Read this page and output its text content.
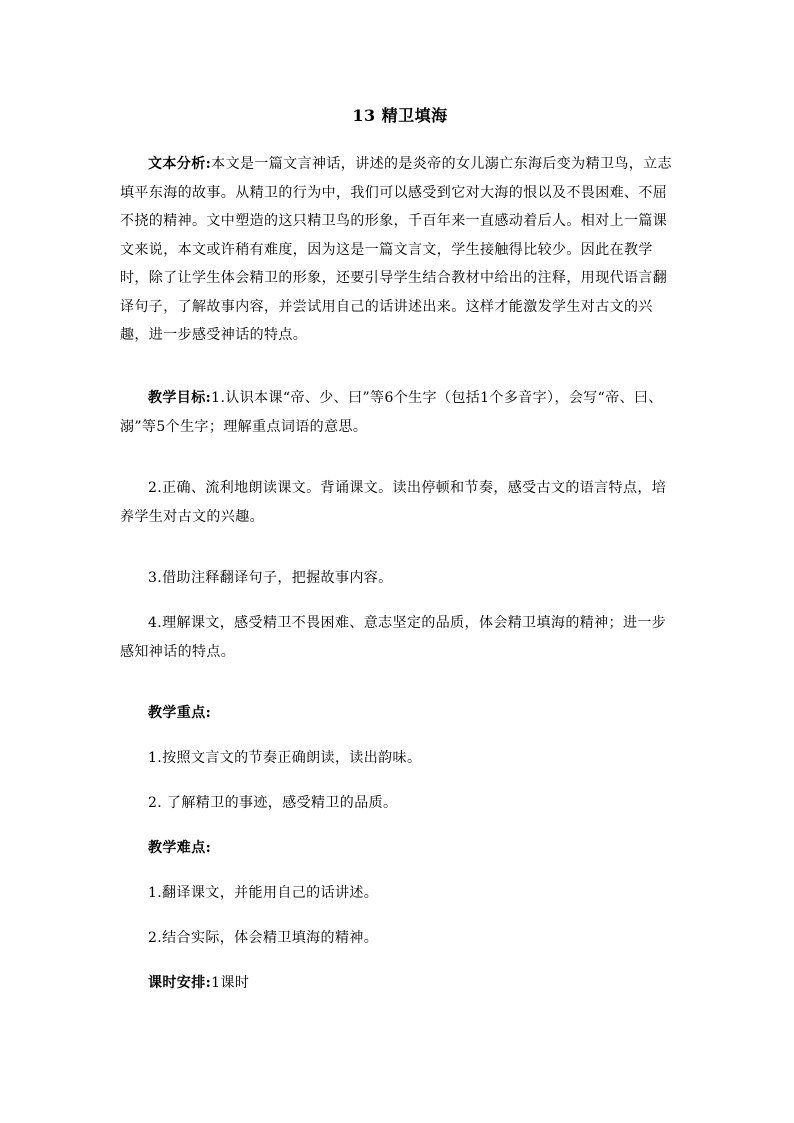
13 精卫填海
文本分析:本文是一篇文言神话，讲述的是炎帝的女儿溺亡东海后变为精卫鸟，立志填平东海的故事。从精卫的行为中，我们可以感受到它对大海的恨以及不畏困难、不屈不挠的精神。文中塑造的这只精卫鸟的形象，千百年来一直感动着后人。相对上一篇课文来说，本文或许稍有难度，因为这是一篇文言文，学生接触得比较少。因此在教学时，除了让学生体会精卫的形象，还要引导学生结合教材中给出的注释，用现代语言翻译句子，了解故事内容，并尝试用自己的话讲述出来。这样才能激发学生对古文的兴趣，进一步感受神话的特点。
教学目标:1.认识本课“帝、少、曰”等6个生字（包括1个多音字），会写“帝、曰、溺”等5个生字；理解重点词语的意思。
2.正确、流利地朗读课文。背诵课文。读出停顿和节奏，感受古文的语言特点，培养学生对古文的兴趣。
3.借助注释翻译句子，把握故事内容。
4.理解课文，感受精卫不畏困难、意志坚定的品质，体会精卫填海的精神；进一步感知神话的特点。
教学重点:
1.按照文言文的节奏正确朗读，读出韵味。
2. 了解精卫的事迹，感受精卫的品质。
教学难点:
1.翻译课文，并能用自己的话讲述。
2.结合实际，体会精卫填海的精神。
课时安排:1课时
